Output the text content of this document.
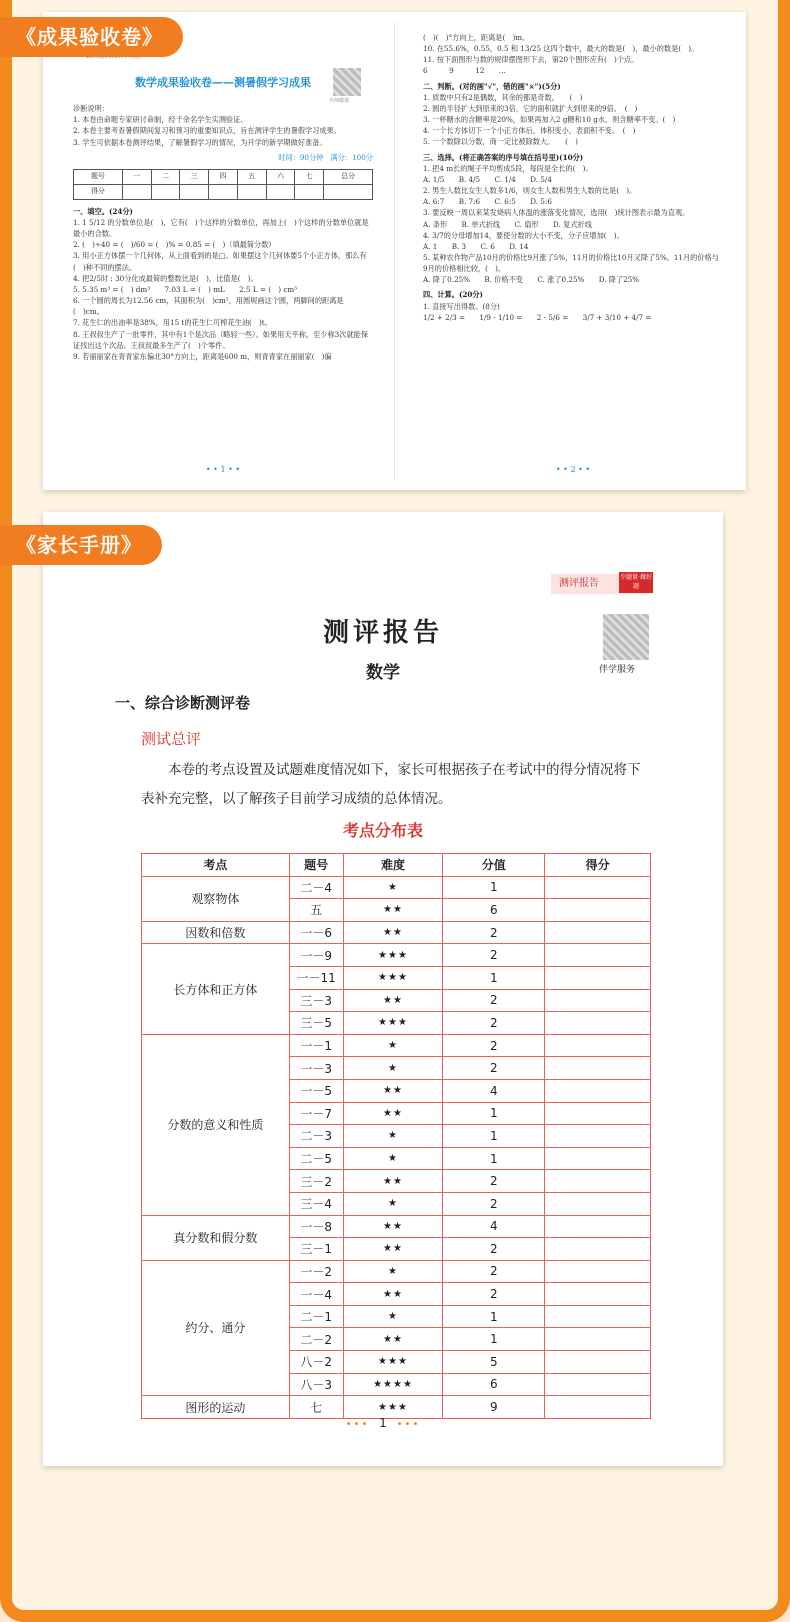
数学成果验收卷——测暑假学习成果
名师微课
诊断说明：
1. 本卷由命题专家研讨命制，经千余名学生实测验证。
2. 本卷主要考查暑假期间复习和预习的重要知识点，旨在测评学生的暑假学习成果。
3. 学生可依据本卷测评结果，了解暑假学习的情况，为开学的新学期做好准备。
时间：90分钟　满分：100分
题号	一	二	三	四	五	六	七	总分
得分								
一、填空。(24分)
1. 1 5/12 的分数单位是(　)，它有(　)个这样的分数单位，再加上(　)个这样的分数单位就是最小的合数。
2. (　)÷40 = (　)/60 = (　)% = 0.85 = (　)（填最简分数）
3. 用小正方体摆一个几何体，从上面看到的是□。如果摆这个几何体要5个小正方体，那么有(　)种不同的摆法。
4. 把2/5时 : 30分化成最简的整数比是(　)，比值是(　)。
5. 5.35 m³ = (　) dm³　　7.03 L = (　) mL　　2.5 L = (　) cm³
6. 一个圆的周长为12.56 cm，其面积为(　)cm²，用圆规画这个圆，两脚间的距离是(　)cm。
7. 花生仁的出油率是38%，用15 t的花生仁可榨花生油(　)t。
8. 王叔叔生产了一批零件，其中有1个是次品（略轻一些）。如果用天平称，至少称3次就能保证找出这个次品。王叔叔最多生产了(　)个零件。
9. 若丽丽家在青青家东偏北30°方向上，距离是600 m，则青青家在丽丽家(　)偏
• • 1 • •
(　)(　)°方向上，距离是(　)m。
10. 在55.6%，0.55，0.5 和 13/25 这四个数中，最大的数是(　)，最小的数是(　)。
11. 按下面图形与数的规律摆图形下去，第20个图形应有(　)个点。
6　　　9　　　12　　…
二、判断。(对的画"√"，错的画"×")(5分)
1. 质数中只有2是偶数，其余的都是奇数。　　(　)
2. 圆的半径扩大到原来的3倍，它的面积就扩大到原来的9倍。　(　)
3. 一杯糖水的含糖率是20%，如果再加入2 g糖和10 g水，则含糖率不变。(　)
4. 一个长方体切下一个小正方体后，体积变小，表面积不变。　(　)
5. 一个数除以分数，商一定比被除数大。　　(　)
三、选择。(将正确答案的序号填在括号里)(10分)
1. 把4 m长的绳子平均剪成5段，每段是全长的(　)。
A. 1/5　　B. 4/5　　C. 1/4　　D. 5/4
2. 男生人数比女生人数多1/6，则女生人数和男生人数的比是(　)。
A. 6:7　　B. 7:6　　C. 6:5　　D. 5:6
3. 要反映一周以来某发烧病人体温的涨落变化情况，选用(　)统计图表示最为直观。
A. 条形　　B. 单式折线　　C. 扇形　　D. 复式折线
4. 3/7的分母增加14，要使分数的大小不变，分子应增加(　)。
A. 1　　B. 3　　C. 6　　D. 14
5. 某种农作物产品10月的价格比9月涨了5%，11月的价格比10月又降了5%。11月的价格与9月的价格相比较，(　)。
A. 降了0.25%　　B. 价格不变　　C. 涨了0.25%　　D. 降了25%
四、计算。(20分)
1. 直接写出得数。(8分)
1/2 + 2/3 =　　1/9 - 1/10 =　　2 - 5/6 =　　3/7 + 3/10 + 4/7 =
• • 2 • •
测评报告
少题量·做好题
测评报告
数学	伴学服务
一、综合诊断测评卷
测试总评
本卷的考点设置及试题难度情况如下，家长可根据孩子在考试中的得分情况将下表补充完整，以了解孩子目前学习成绩的总体情况。
考点分布表
考点	题号	难度	分值	得分
观察物体	二－4	★	1	
	五	★★	6	
因数和倍数	一－6	★★	2	
长方体和正方体	一－9	★★★	2	
	一－11	★★★	1	
	三－3	★★	2	
	三－5	★★★	2	
分数的意义和性质	一－1	★	2	
	一－3	★	2	
	一－5	★★	4	
	一－7	★★	1	
	二－3	★	1	
	二－5	★	1	
	三－2	★★	2	
	三－4	★	2	
真分数和假分数	一－8	★★	4	
	三－1	★★	2	
约分、通分	一－2	★	2	
	一－4	★★	2	
	二－1	★	1	
	二－2	★★	1	
	八－2	★★★	5	
	八－3	★★★★	6	
图形的运动	七	★★★	9	
••• 1 •••
《成果验收卷》
《家长手册》
